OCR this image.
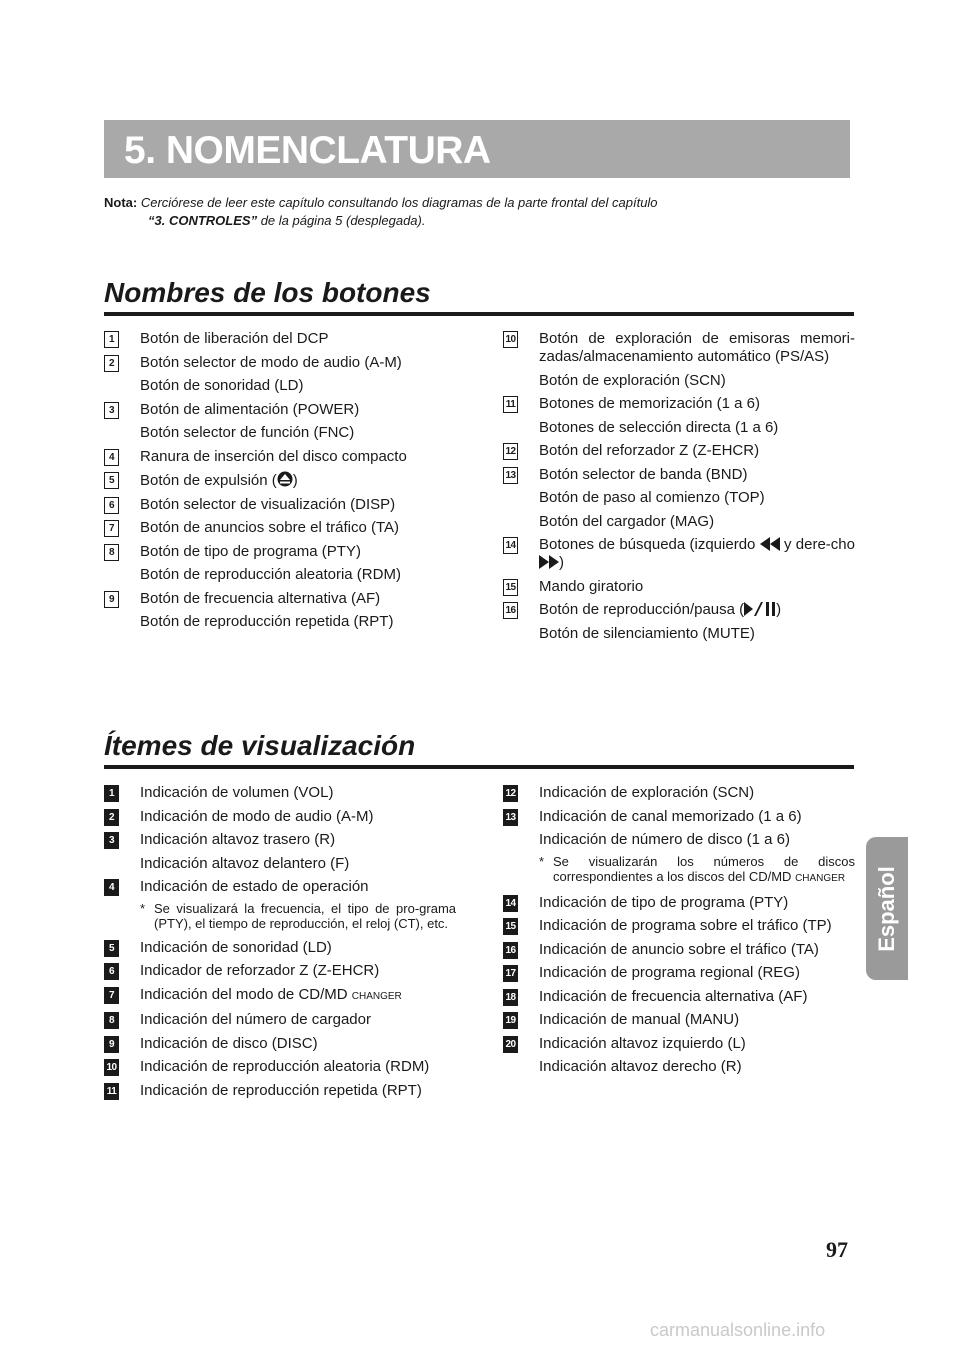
5. NOMENCLATURA
Nota: Cerciórese de leer este capítulo consultando los diagramas de la parte frontal del capítulo
“3. CONTROLES” de la página 5 (desplegada).
Nombres de los botones
1	Botón de liberación del DCP
2	Botón selector de modo de audio (A-M)
Botón de sonoridad (LD)
3	Botón de alimentación (POWER)
Botón selector de función (FNC)
4	Ranura de inserción del disco compacto
5	Botón de expulsión ( )
6	Botón selector de visualización (DISP)
7	Botón de anuncios sobre el tráfico (TA)
8	Botón de tipo de programa (PTY)
Botón de reproducción aleatoria (RDM)
9	Botón de frecuencia alternativa (AF)
Botón de reproducción repetida (RPT)
10 Botón de exploración de emisoras memori-zadas/almacenamiento automático (PS/AS)
Botón de exploración (SCN)
11 Botones de memorización (1 a 6)
Botones de selección directa (1 a 6)
12 Botón del reforzador Z (Z-EHCR)
13 Botón selector de banda (BND)
Botón de paso al comienzo (TOP)
Botón del cargador (MAG)
14 Botones de búsqueda (izquierdo  y dere-cho )
15 Mando giratorio
16 Botón de reproducción/pausa ( )
Botón de silenciamiento (MUTE)
Ítemes de visualización
1	Indicación de volumen (VOL)
2	Indicación de modo de audio (A-M)
3	Indicación altavoz trasero (R)
Indicación altavoz delantero (F)
4	Indicación de estado de operación
* Se visualizará la frecuencia, el tipo de pro-grama (PTY), el tiempo de reproducción, el reloj (CT), etc.
5	Indicación de sonoridad (LD)
6	Indicador de reforzador Z (Z-EHCR)
7	Indicación del modo de CD/MD CHANGER
8	Indicación del número de cargador
9	Indicación de disco (DISC)
10 Indicación de reproducción aleatoria (RDM)
11 Indicación de reproducción repetida (RPT)
12 Indicación de exploración (SCN)
13 Indicación de canal memorizado (1 a 6)
Indicación de número de disco (1 a 6)
* Se visualizarán los números de discos correspondientes a los discos del CD/MD CHANGER
14 Indicación de tipo de programa (PTY)
15 Indicación de programa sobre el tráfico (TP)
16 Indicación de anuncio sobre el tráfico (TA)
17 Indicación de programa regional (REG)
18 Indicación de frecuencia alternativa (AF)
19 Indicación de manual (MANU)
20 Indicación altavoz izquierdo (L)
Indicación altavoz derecho (R)
Español
97
carmanualsonline.info
